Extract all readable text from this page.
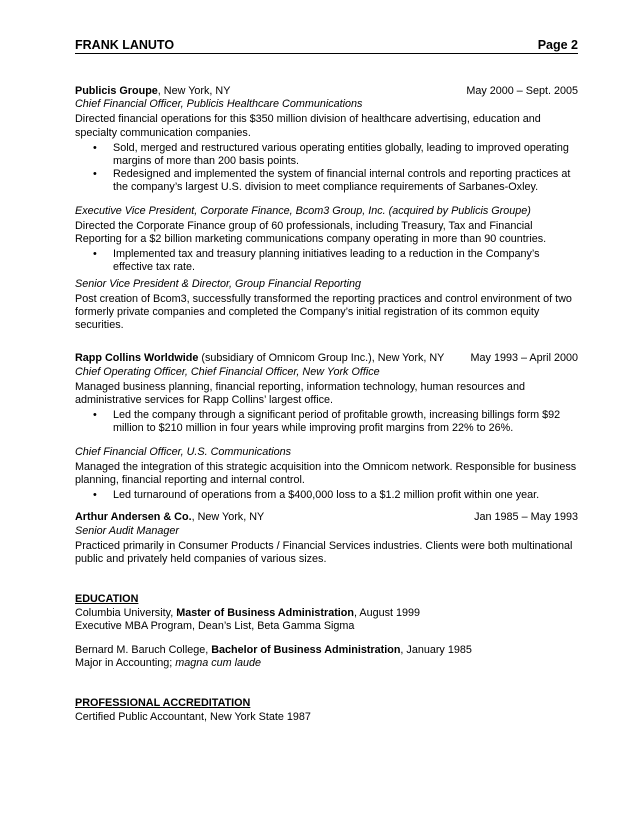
FRANK LANUTO	Page 2
Publicis Groupe, New York, NY	May 2000 – Sept. 2005
Chief Financial Officer, Publicis Healthcare Communications
Directed financial operations for this $350 million division of healthcare advertising, education and specialty communication companies.
• Sold, merged and restructured various operating entities globally, leading to improved operating margins of more than 200 basis points.
• Redesigned and implemented the system of financial internal controls and reporting practices at the company’s largest U.S. division to meet compliance requirements of Sarbanes-Oxley.
Executive Vice President, Corporate Finance, Bcom3 Group, Inc. (acquired by Publicis Groupe)
Directed the Corporate Finance group of 60 professionals, including Treasury, Tax and Financial Reporting for a $2 billion marketing communications company operating in more than 90 countries.
• Implemented tax and treasury planning initiatives leading to a reduction in the Company’s effective tax rate.
Senior Vice President & Director, Group Financial Reporting
Post creation of Bcom3, successfully transformed the reporting practices and control environment of two formerly private companies and completed the Company’s initial registration of its common equity securities.
Rapp Collins Worldwide (subsidiary of Omnicom Group Inc.), New York, NY May 1993 – April 2000
Chief Operating Officer, Chief Financial Officer, New York Office
Managed business planning, financial reporting, information technology, human resources and administrative services for Rapp Collins’ largest office.
• Led the company through a significant period of profitable growth, increasing billings form $92 million to $210 million in four years while improving profit margins from 22% to 26%.
Chief Financial Officer, U.S. Communications
Managed the integration of this strategic acquisition into the Omnicom network. Responsible for business planning, financial reporting and internal control.
• Led turnaround of operations from a $400,000 loss to a $1.2 million profit within one year.
Arthur Andersen & Co., New York, NY	Jan 1985 – May 1993
Senior Audit Manager
Practiced primarily in Consumer Products / Financial Services industries. Clients were both multinational public and privately held companies of various sizes.
EDUCATION
Columbia University, Master of Business Administration, August 1999
Executive MBA Program, Dean’s List, Beta Gamma Sigma
Bernard M. Baruch College, Bachelor of Business Administration, January 1985
Major in Accounting; magna cum laude
PROFESSIONAL ACCREDITATION
Certified Public Accountant, New York State 1987
